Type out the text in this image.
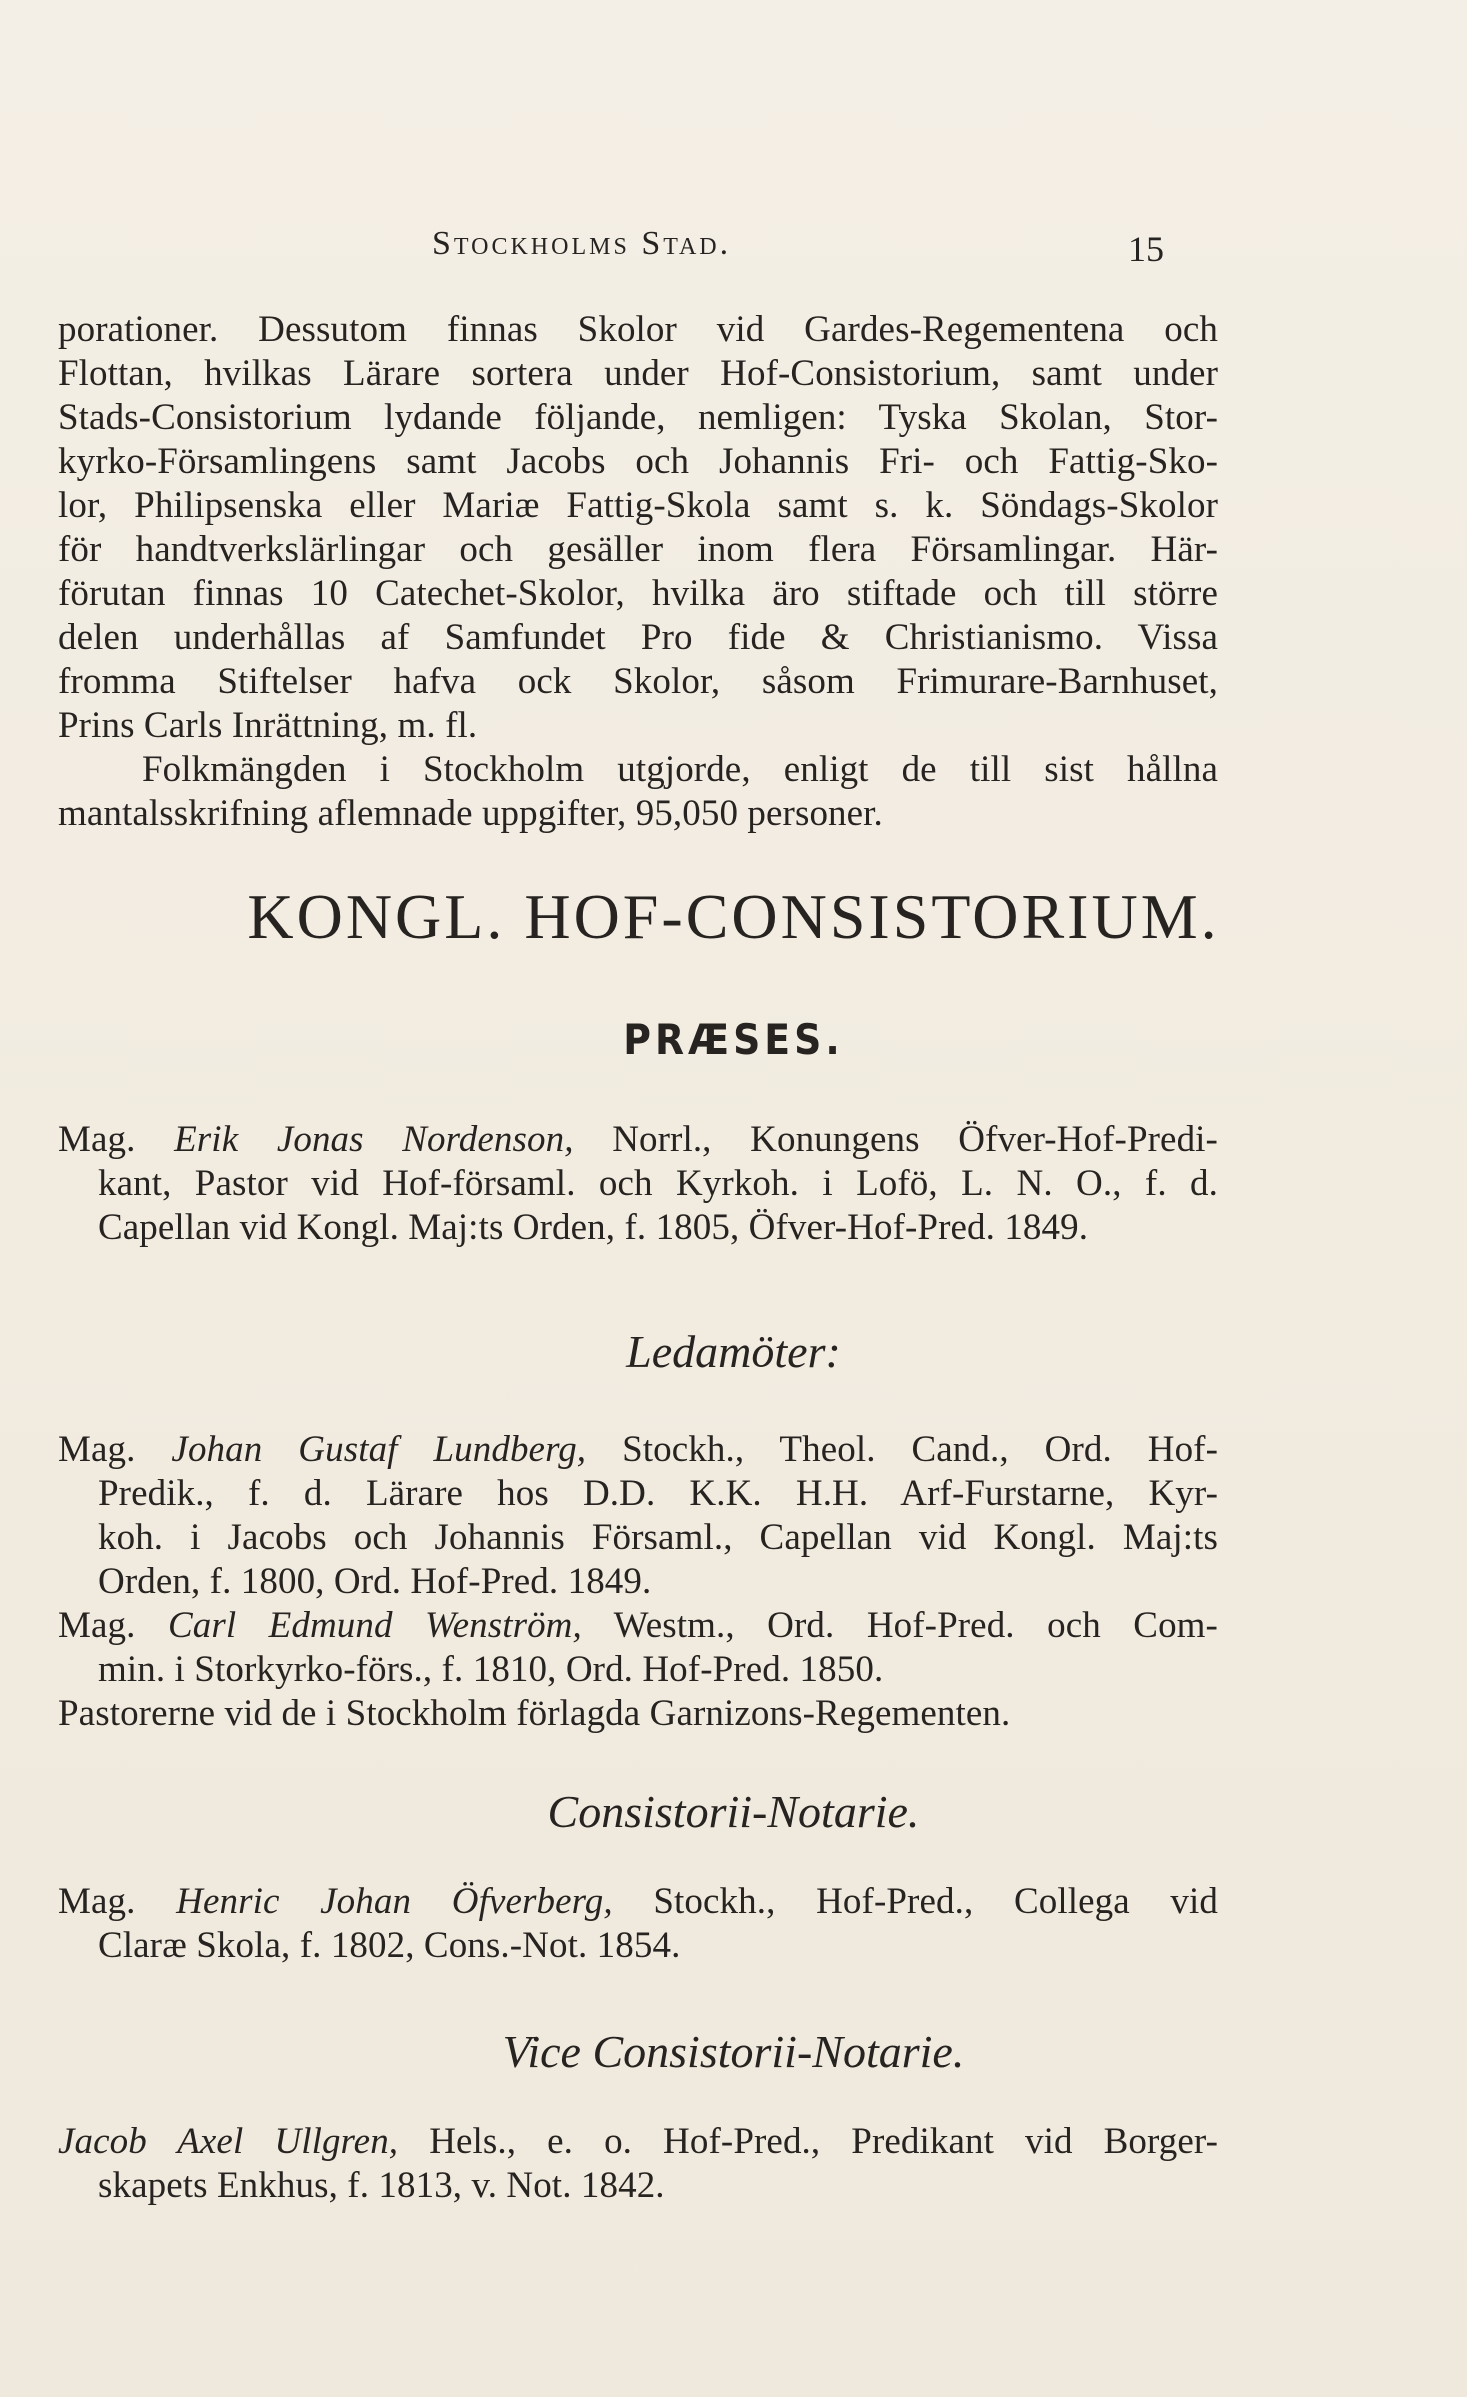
Stockholms Stad.	15
porationer. Dessutom finnas Skolor vid Gardes-Regementena och
Flottan, hvilkas Lärare sortera under Hof-Consistorium, samt under
Stads-Consistorium lydande följande, nemligen: Tyska Skolan, Stor-
kyrko-Församlingens samt Jacobs och Johannis Fri- och Fattig-Sko-
lor, Philipsenska eller Mariæ Fattig-Skola samt s. k. Söndags-Skolor
för handtverkslärlingar och gesäller inom flera Församlingar. Här-
förutan finnas 10 Catechet-Skolor, hvilka äro stiftade och till större
delen underhållas af Samfundet Pro fide & Christianismo. Vissa
fromma Stiftelser hafva ock Skolor, såsom Frimurare-Barnhuset,
Prins Carls Inrättning, m. fl.
Folkmängden i Stockholm utgjorde, enligt de till sist hållna
mantalsskrifning aflemnade uppgifter, 95,050 personer.
KONGL. HOF-CONSISTORIUM.
PRÆSES.
Mag. Erik Jonas Nordenson, Norrl., Konungens Öfver-Hof-Predi-
kant, Pastor vid Hof-församl. och Kyrkoh. i Lofö, L. N. O., f. d.
Capellan vid Kongl. Maj:ts Orden, f. 1805, Öfver-Hof-Pred. 1849.
Ledamöter:
Mag. Johan Gustaf Lundberg, Stockh., Theol. Cand., Ord. Hof-
Predik., f. d. Lärare hos D.D. K.K. H.H. Arf-Furstarne, Kyr-
koh. i Jacobs och Johannis Församl., Capellan vid Kongl. Maj:ts
Orden, f. 1800, Ord. Hof-Pred. 1849.
Mag. Carl Edmund Wenström, Westm., Ord. Hof-Pred. och Com-
min. i Storkyrko-förs., f. 1810, Ord. Hof-Pred. 1850.
Pastorerne vid de i Stockholm förlagda Garnizons-Regementen.
Consistorii-Notarie.
Mag. Henric Johan Öfverberg, Stockh., Hof-Pred., Collega vid
Claræ Skola, f. 1802, Cons.-Not. 1854.
Vice Consistorii-Notarie.
Jacob Axel Ullgren, Hels., e. o. Hof-Pred., Predikant vid Borger-
skapets Enkhus, f. 1813, v. Not. 1842.
